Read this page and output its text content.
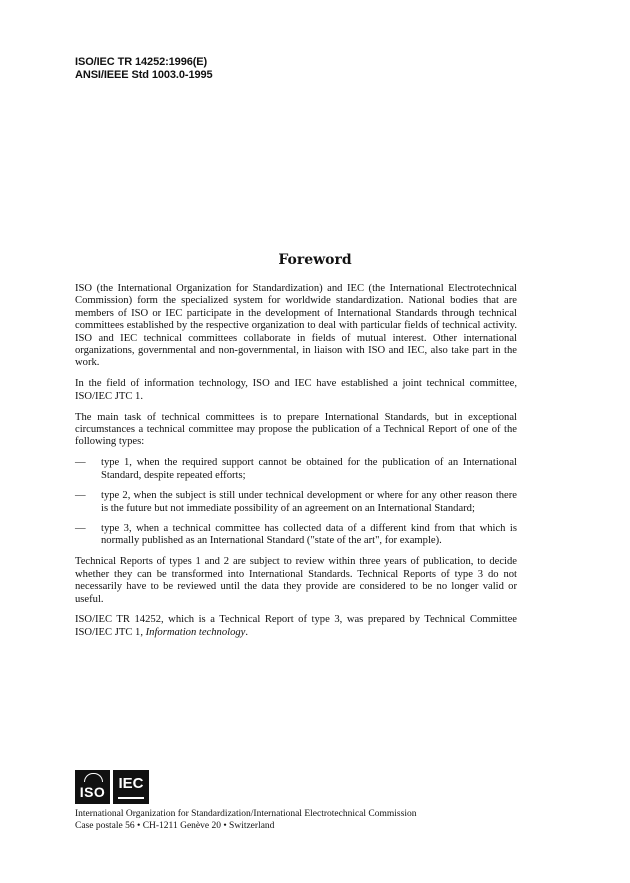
ISO/IEC TR 14252:1996(E)
ANSI/IEEE Std 1003.0-1995
Foreword

ISO (the International Organization for Standardization) and IEC (the International Electrotechnical Commission) form the specialized system for worldwide standardization. National bodies that are members of ISO or IEC participate in the development of International Standards through technical committees established by the respective organization to deal with particular fields of technical activity. ISO and IEC technical committees collaborate in fields of mutual interest. Other international organizations, governmental and non-governmental, in liaison with ISO and IEC, also take part in the work.

In the field of information technology, ISO and IEC have established a joint technical committee, ISO/IEC JTC 1.

The main task of technical committees is to prepare International Standards, but in exceptional circumstances a technical committee may propose the publication of a Technical Report of one of the following types:

— type 1, when the required support cannot be obtained for the publication of an International Standard, despite repeated efforts;
— type 2, when the subject is still under technical development or where for any other reason there is the future but not immediate possibility of an agreement on an International Standard;
— type 3, when a technical committee has collected data of a different kind from that which is normally published as an International Standard ("state of the art", for example).

Technical Reports of types 1 and 2 are subject to review within three years of publication, to decide whether they can be transformed into International Standards. Technical Reports of type 3 do not necessarily have to be reviewed until the data they provide are considered to be no longer valid or useful.

ISO/IEC TR 14252, which is a Technical Report of type 3, was prepared by Technical Committee ISO/IEC JTC 1, Information technology.

ISO IEC
International Organization for Standardization/International Electrotechnical Commission
Case postale 56 • CH-1211 Genève 20 • Switzerland
